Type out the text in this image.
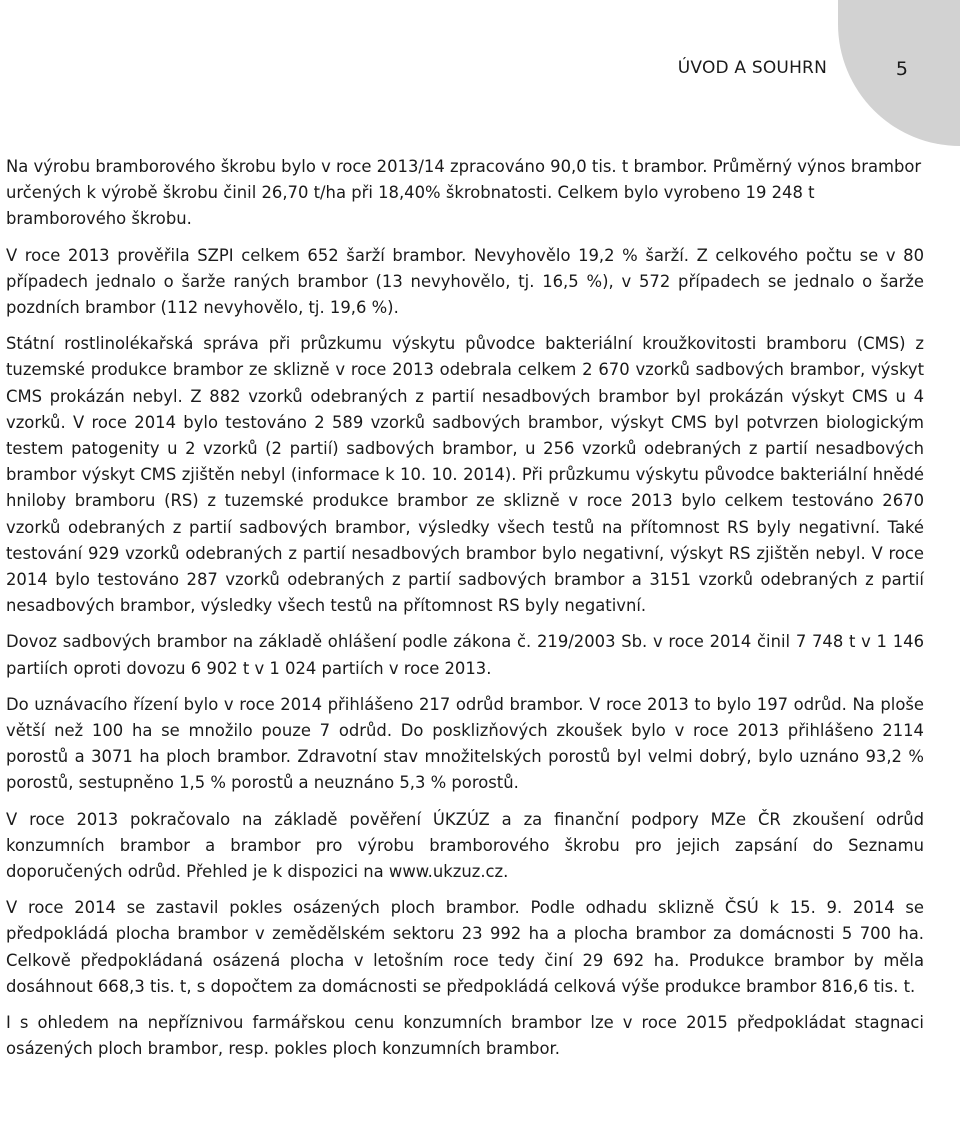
ÚVOD A SOUHRN	5

Na výrobu bramborového škrobu bylo v roce 2013/14 zpracováno 90,0 tis. t brambor. Průměrný výnos brambor určených k výrobě škrobu činil 26,70 t/ha při 18,40% škrobnatosti. Celkem bylo vyrobeno 19 248 t bramborového škrobu.

V roce 2013 prověřila SZPI celkem 652 šarží brambor. Nevyhovělo 19,2 % šarží. Z celkového počtu se v 80 případech jednalo o šarže raných brambor (13 nevyhovělo, tj. 16,5 %), v 572 případech se jednalo o šarže pozdních brambor (112 nevyhovělo, tj. 19,6 %).

Státní rostlinolékařská správa při průzkumu výskytu původce bakteriální kroužkovitosti bramboru (CMS) z tuzemské produkce brambor ze sklizně v roce 2013 odebrala celkem 2 670 vzorků sadbových brambor, výskyt CMS prokázán nebyl. Z 882 vzorků odebraných z partií nesadbových brambor byl prokázán výskyt CMS u 4 vzorků. V roce 2014 bylo testováno 2 589 vzorků sadbových brambor, výskyt CMS byl potvrzen biologickým testem patogenity u 2 vzorků (2 partií) sadbových brambor, u 256 vzorků odebraných z partií nesadbových brambor výskyt CMS zjištěn nebyl (informace k 10. 10. 2014). Při průzkumu výskytu původce bakteriální hnědé hniloby bramboru (RS) z tuzemské produkce brambor ze sklizně v roce 2013 bylo celkem testováno 2670 vzorků odebraných z partií sadbových brambor, výsledky všech testů na přítomnost RS byly negativní. Také testování 929 vzorků odebraných z partií nesadbových brambor bylo negativní, výskyt RS zjištěn nebyl. V roce 2014 bylo testováno 287 vzorků odebraných z partií sadbových brambor a 3151 vzorků odebraných z partií nesadbových brambor, výsledky všech testů na přítomnost RS byly negativní.

Dovoz sadbových brambor na základě ohlášení podle zákona č. 219/2003 Sb. v roce 2014 činil 7 748 t v 1 146 partiích oproti dovozu 6 902 t v 1 024 partiích v roce 2013.

Do uznávacího řízení bylo v roce 2014 přihlášeno 217 odrůd brambor. V roce 2013 to bylo 197 odrůd. Na ploše větší než 100 ha se množilo pouze 7 odrůd. Do posklizňových zkoušek bylo v roce 2013 přihlášeno 2114 porostů a 3071 ha ploch brambor. Zdravotní stav množitelských porostů byl velmi dobrý, bylo uznáno 93,2 % porostů, sestupněno 1,5 % porostů a neuznáno 5,3 % porostů.

V roce 2013 pokračovalo na základě pověření ÚKZÚZ a za finanční podpory MZe ČR zkoušení odrůd konzumních brambor a brambor pro výrobu bramborového škrobu pro jejich zapsání do Seznamu doporučených odrůd. Přehled je k dispozici na www.ukzuz.cz.

V roce 2014 se zastavil pokles osázených ploch brambor. Podle odhadu sklizně ČSÚ k 15. 9. 2014 se předpokládá plocha brambor v zemědělském sektoru 23 992 ha a plocha brambor za domácnosti 5 700 ha. Celkově předpokládaná osázená plocha v letošním roce tedy činí 29 692 ha. Produkce brambor by měla dosáhnout 668,3 tis. t, s dopočtem za domácnosti se předpokládá celková výše produkce brambor 816,6 tis. t.

I s ohledem na nepříznivou farmářskou cenu konzumních brambor lze v roce 2015 předpokládat stagnaci osázených ploch brambor, resp. pokles ploch konzumních brambor.
